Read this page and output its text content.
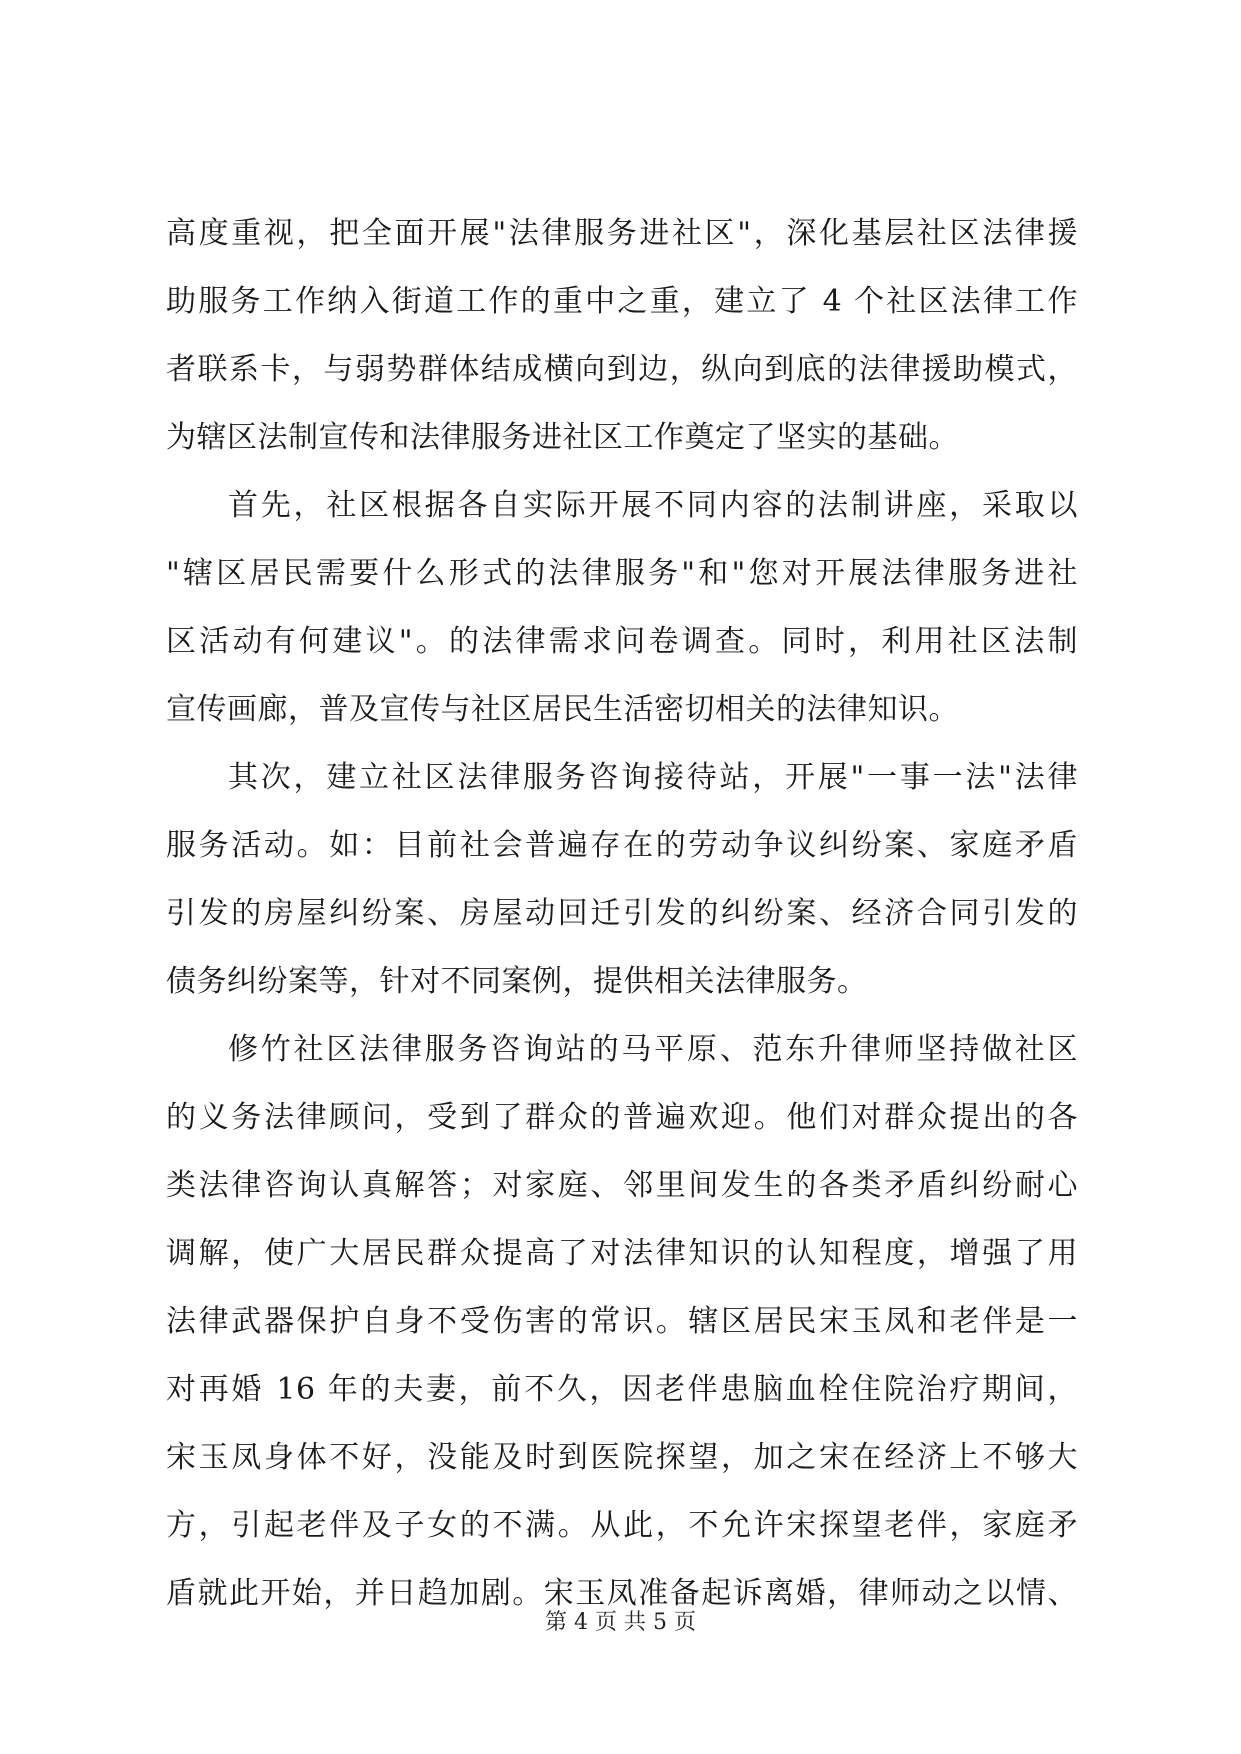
高度重视，把全面开展"法律服务进社区"，深化基层社区法律援
助服务工作纳入街道工作的重中之重，建立了 4 个社区法律工作
者联系卡，与弱势群体结成横向到边，纵向到底的法律援助模式，
为辖区法制宣传和法律服务进社区工作奠定了坚实的基础。
首先，社区根据各自实际开展不同内容的法制讲座，采取以
"辖区居民需要什么形式的法律服务"和"您对开展法律服务进社
区活动有何建议"。的法律需求问卷调查。同时，利用社区法制
宣传画廊，普及宣传与社区居民生活密切相关的法律知识。
其次，建立社区法律服务咨询接待站，开展"一事一法"法律
服务活动。如：目前社会普遍存在的劳动争议纠纷案、家庭矛盾
引发的房屋纠纷案、房屋动回迁引发的纠纷案、经济合同引发的
债务纠纷案等，针对不同案例，提供相关法律服务。
修竹社区法律服务咨询站的马平原、范东升律师坚持做社区
的义务法律顾问，受到了群众的普遍欢迎。他们对群众提出的各
类法律咨询认真解答；对家庭、邻里间发生的各类矛盾纠纷耐心
调解，使广大居民群众提高了对法律知识的认知程度，增强了用
法律武器保护自身不受伤害的常识。辖区居民宋玉凤和老伴是一
对再婚 16 年的夫妻，前不久，因老伴患脑血栓住院治疗期间，
宋玉凤身体不好，没能及时到医院探望，加之宋在经济上不够大
方，引起老伴及子女的不满。从此，不允许宋探望老伴，家庭矛
盾就此开始，并日趋加剧。宋玉凤准备起诉离婚，律师动之以情、
第 4 页 共 5 页
